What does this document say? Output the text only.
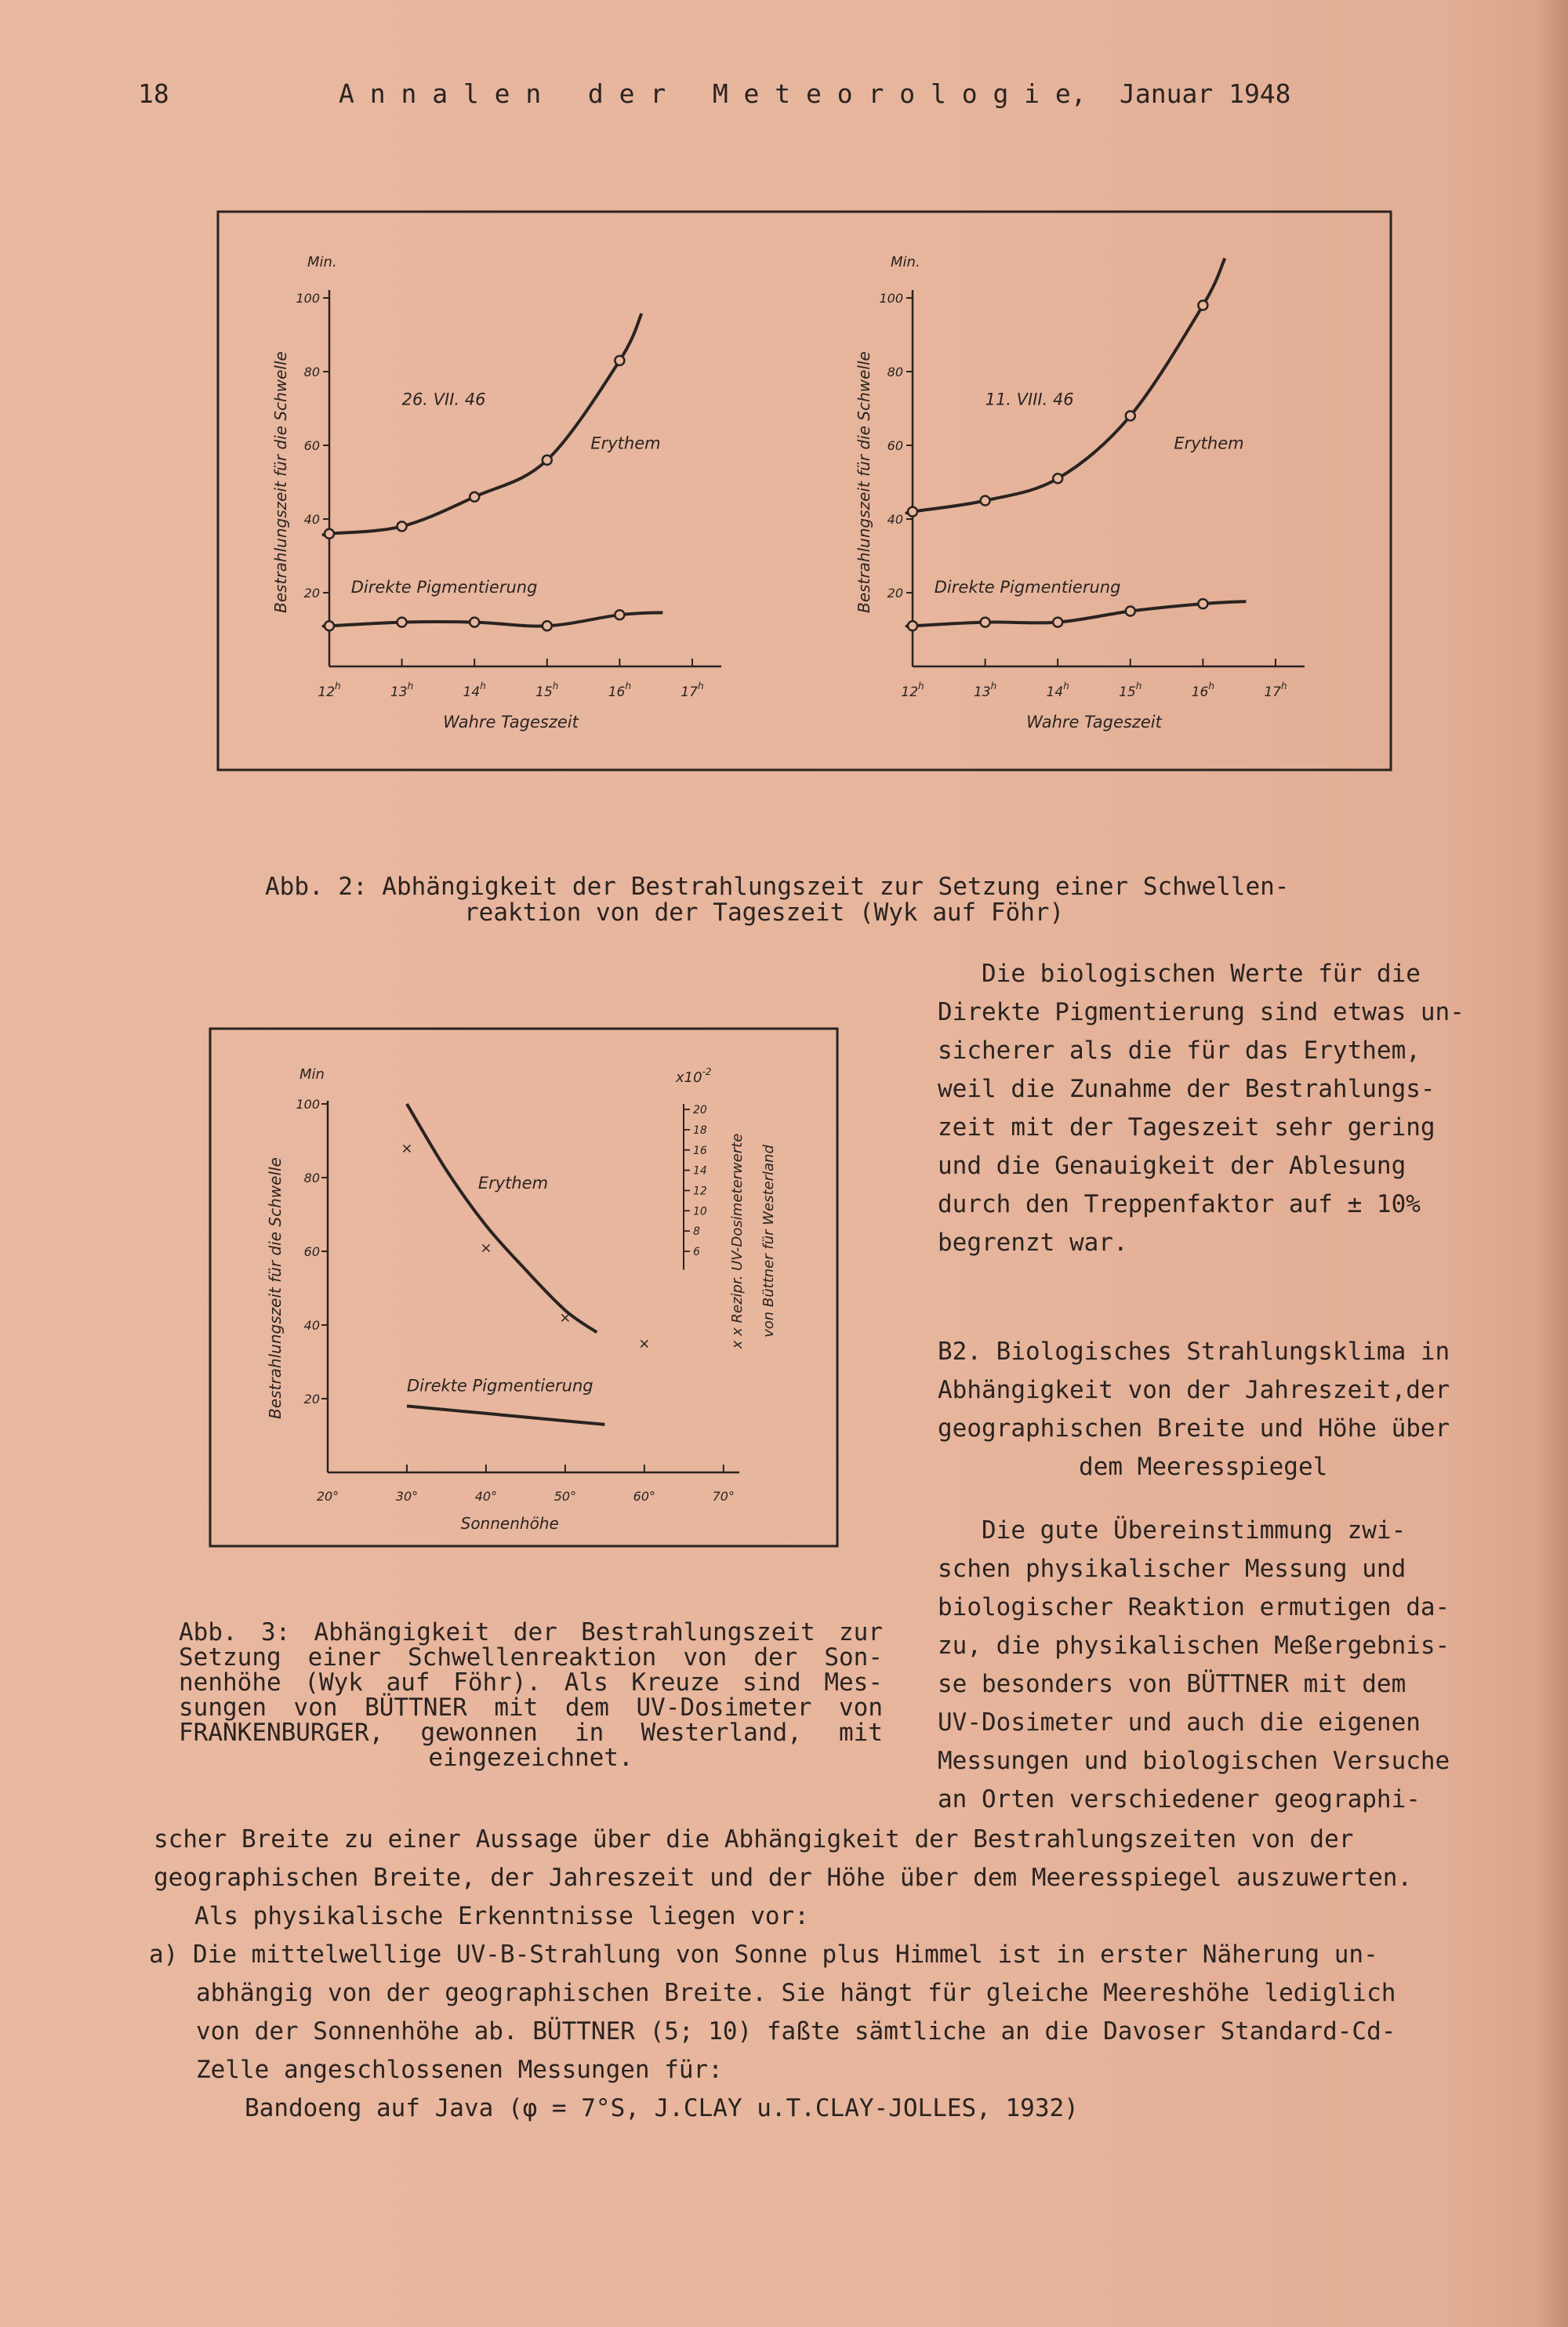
18	A n n a l e n   d e r   M e t e o r o l o g i e, Januar 1948
20
40
60
80
100
Min.
12$^h$	13$^h$	14$^h$	15$^h$	16$^h$	17$^h$
Wahre Tageszeit
Bestrahlungszeit für die Schwelle	26. VII. 46
Erythem
Direkte Pigmentierung	20
40
60
80
100
Min.
12$^h$	13$^h$	14$^h$	15$^h$	16$^h$	17$^h$
Wahre Tageszeit
Bestrahlungszeit für die Schwelle	11. VIII. 46
Erythem
Direkte Pigmentierung
Abb. 2: Abhängigkeit der Bestrahlungszeit zur Setzung einer Schwellen-
reaktion von der Tageszeit (Wyk auf Föhr)
20
40
60
80
100
Min
20°	30°	40°	50°	60°	70°
Sonnenhöhe
Bestrahlungszeit für die Schwelle
$x10^{-2}$
6
8
10
12
14
16
18
20
x x Rezipr. UV-Dosimeterwerte von Büttner für Westerland
×
×
×
×
Erythem
Direkte Pigmentierung
Abb. 3: Abhängigkeit der Bestrahlungszeit zur
Setzung einer Schwellenreaktion von der Son-
nenhöhe (Wyk auf Föhr). Als Kreuze sind Mes-
sungen von BÜTTNER mit dem UV-Dosimeter von
FRANKENBURGER, gewonnen in Westerland, mit
eingezeichnet.
Die biologischen Werte für die
Direkte Pigmentierung sind etwas un-
sicherer als die für das Erythem,
weil die Zunahme der Bestrahlungs-
zeit mit der Tageszeit sehr gering
und die Genauigkeit der Ablesung
durch den Treppenfaktor auf ± 10%
begrenzt war.
B2. Biologisches Strahlungsklima in
Abhängigkeit von der Jahreszeit,der
geographischen Breite und Höhe über
dem Meeresspiegel
Die gute Übereinstimmung zwi-
schen physikalischer Messung und
biologischer Reaktion ermutigen da-
zu, die physikalischen Meßergebnis-
se besonders von BÜTTNER mit dem
UV-Dosimeter und auch die eigenen
Messungen und biologischen Versuche
an Orten verschiedener geographi-
scher Breite zu einer Aussage über die Abhängigkeit der Bestrahlungszeiten von der
geographischen Breite, der Jahreszeit und der Höhe über dem Meeresspiegel auszuwerten.
Als physikalische Erkenntnisse liegen vor:
a) Die mittelwellige UV-B-Strahlung von Sonne plus Himmel ist in erster Näherung un-
abhängig von der geographischen Breite. Sie hängt für gleiche Meereshöhe lediglich
von der Sonnenhöhe ab. BÜTTNER (5; 10) faßte sämtliche an die Davoser Standard-Cd-
Zelle angeschlossenen Messungen für:
Bandoeng auf Java (φ = 7°S, J.CLAY u.T.CLAY-JOLLES, 1932)
